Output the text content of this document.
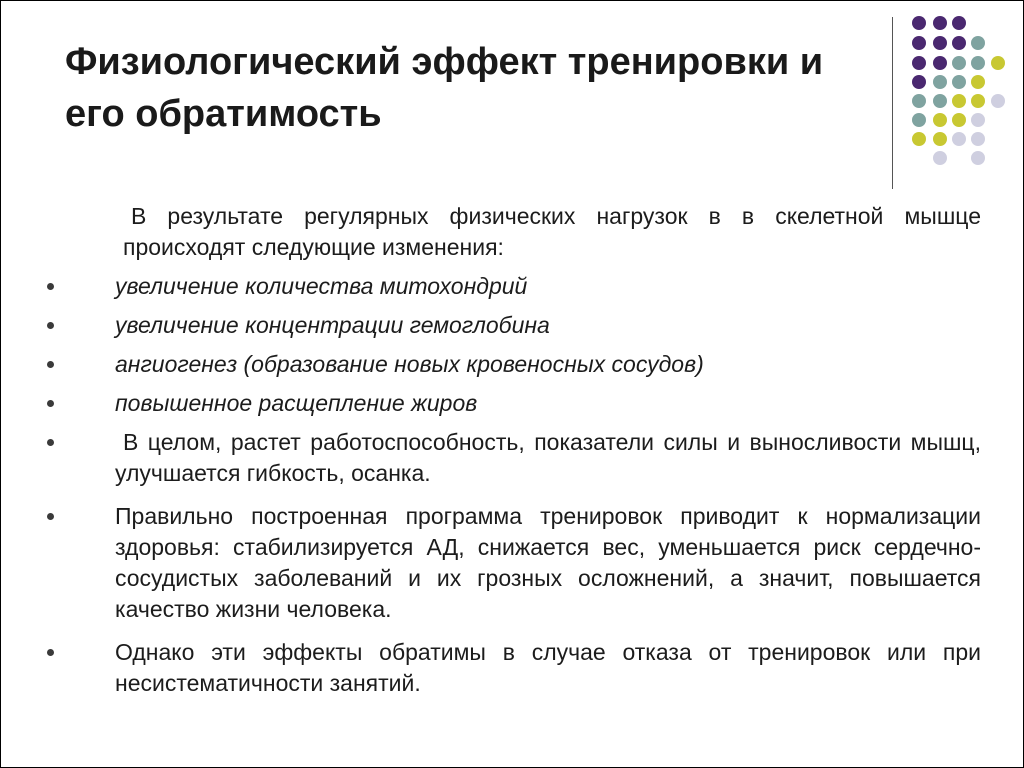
Физиологический эффект тренировки и его обратимость
В результате регулярных физических нагрузок в в скелетной мышце происходят следующие изменения:
увеличение количества митохондрий
увеличение концентрации гемоглобина
ангиогенез (образование новых кровеносных сосудов)
повышенное расщепление жиров
В целом, растет работоспособность, показатели силы и выносливости мышц, улучшается гибкость, осанка.
Правильно построенная программа тренировок приводит к нормализации здоровья: стабилизируется АД, снижается вес, уменьшается риск сердечно-сосудистых заболеваний и их грозных осложнений, а значит, повышается качество жизни человека.
Однако эти эффекты обратимы в случае отказа от тренировок или при несистематичности занятий.
